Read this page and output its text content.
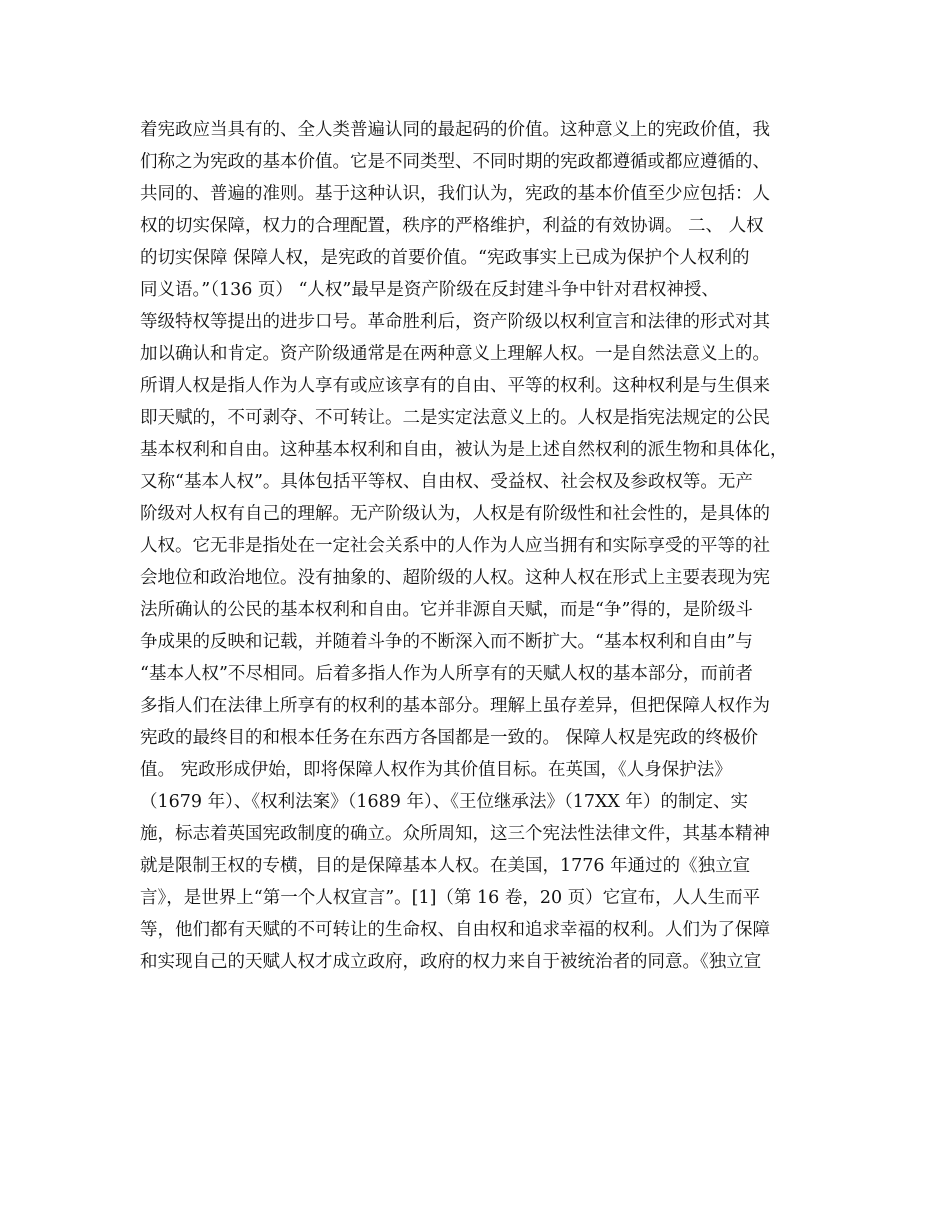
着宪政应当具有的、全人类普遍认同的最起码的价值。这种意义上的宪政价值，我
们称之为宪政的基本价值。它是不同类型、不同时期的宪政都遵循或都应遵循的、
共同的、普遍的准则。基于这种认识，我们认为，宪政的基本价值至少应包括：人
权的切实保障，权力的合理配置，秩序的严格维护，利益的有效协调。 二、 人权
的切实保障 保障人权，是宪政的首要价值。“宪政事实上已成为保护个人权利的
同义语。”（136 页） “人权”最早是资产阶级在反封建斗争中针对君权神授、
等级特权等提出的进步口号。革命胜利后，资产阶级以权利宣言和法律的形式对其
加以确认和肯定。资产阶级通常是在两种意义上理解人权。一是自然法意义上的。
所谓人权是指人作为人享有或应该享有的自由、平等的权利。这种权利是与生俱来
即天赋的，不可剥夺、不可转让。二是实定法意义上的。人权是指宪法规定的公民
基本权利和自由。这种基本权利和自由，被认为是上述自然权利的派生物和具体化，
又称“基本人权”。具体包括平等权、自由权、受益权、社会权及参政权等。无产
阶级对人权有自己的理解。无产阶级认为，人权是有阶级性和社会性的，是具体的
人权。它无非是指处在一定社会关系中的人作为人应当拥有和实际享受的平等的社
会地位和政治地位。没有抽象的、超阶级的人权。这种人权在形式上主要表现为宪
法所确认的公民的基本权利和自由。它并非源自天赋，而是“争”得的，是阶级斗
争成果的反映和记载，并随着斗争的不断深入而不断扩大。“基本权利和自由”与
“基本人权”不尽相同。后着多指人作为人所享有的天赋人权的基本部分，而前者
多指人们在法律上所享有的权利的基本部分。理解上虽存差异，但把保障人权作为
宪政的最终目的和根本任务在东西方各国都是一致的。 保障人权是宪政的终极价
值。 宪政形成伊始，即将保障人权作为其价值目标。在英国，《人身保护法》
（1679 年）、《权利法案》（1689 年）、《王位继承法》（17XX 年）的制定、实
施，标志着英国宪政制度的确立。众所周知，这三个宪法性法律文件，其基本精神
就是限制王权的专横，目的是保障基本人权。在美国，1776 年通过的《独立宣
言》，是世界上“第一个人权宣言”。[1]（第 16 卷，20 页）它宣布，人人生而平
等，他们都有天赋的不可转让的生命权、自由权和追求幸福的权利。人们为了保障
和实现自己的天赋人权才成立政府，政府的权力来自于被统治者的同意。《独立宣
